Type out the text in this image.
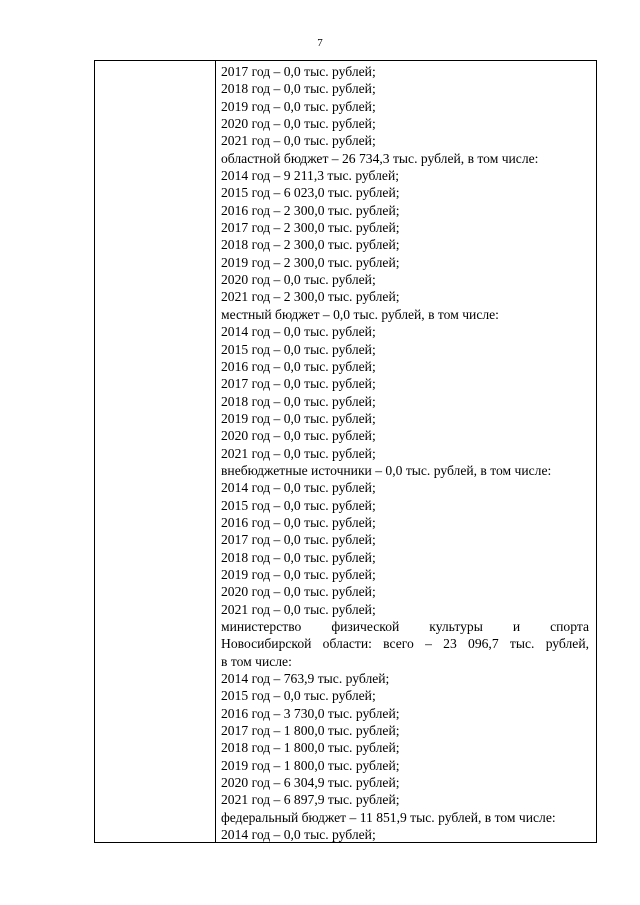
7
2017 год – 0,0 тыс. рублей;
2018 год – 0,0 тыс. рублей;
2019 год – 0,0 тыс. рублей;
2020 год – 0,0 тыс. рублей;
2021 год – 0,0 тыс. рублей;
областной бюджет – 26 734,3 тыс. рублей, в том числе:
2014 год – 9 211,3 тыс. рублей;
2015 год – 6 023,0 тыс. рублей;
2016 год – 2 300,0 тыс. рублей;
2017 год – 2 300,0 тыс. рублей;
2018 год – 2 300,0 тыс. рублей;
2019 год – 2 300,0 тыс. рублей;
2020 год – 0,0 тыс. рублей;
2021 год – 2 300,0 тыс. рублей;
местный бюджет – 0,0 тыс. рублей, в том числе:
2014 год – 0,0 тыс. рублей;
2015 год – 0,0 тыс. рублей;
2016 год – 0,0 тыс. рублей;
2017 год – 0,0 тыс. рублей;
2018 год – 0,0 тыс. рублей;
2019 год – 0,0 тыс. рублей;
2020 год – 0,0 тыс. рублей;
2021 год – 0,0 тыс. рублей;
внебюджетные источники – 0,0 тыс. рублей, в том числе:
2014 год – 0,0 тыс. рублей;
2015 год – 0,0 тыс. рублей;
2016 год – 0,0 тыс. рублей;
2017 год – 0,0 тыс. рублей;
2018 год – 0,0 тыс. рублей;
2019 год – 0,0 тыс. рублей;
2020 год – 0,0 тыс. рублей;
2021 год – 0,0 тыс. рублей;
министерство физической культуры и спорта
Новосибирской области: всего – 23 096,7 тыс. рублей,
в том числе:
2014 год – 763,9 тыс. рублей;
2015 год – 0,0 тыс. рублей;
2016 год – 3 730,0 тыс. рублей;
2017 год – 1 800,0 тыс. рублей;
2018 год – 1 800,0 тыс. рублей;
2019 год – 1 800,0 тыс. рублей;
2020 год – 6 304,9 тыс. рублей;
2021 год – 6 897,9 тыс. рублей;
федеральный бюджет – 11 851,9 тыс. рублей, в том числе:
2014 год – 0,0 тыс. рублей;
